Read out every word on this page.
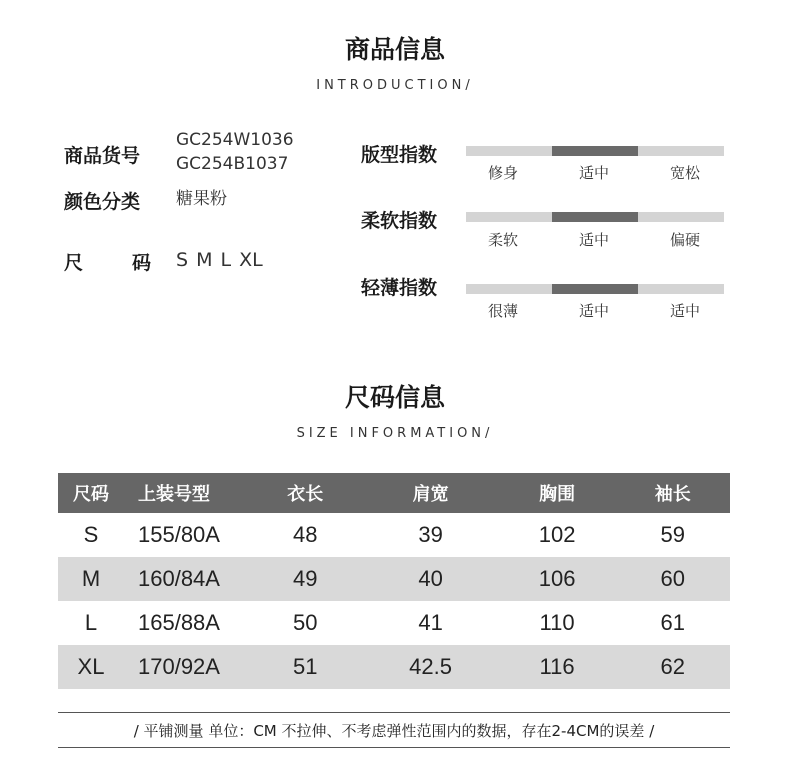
商品信息
INTRODUCTION/
商品货号
GC254W1036
GC254B1037
颜色分类 糖果粉
尺	码 S M L XL
版型指数
修身	适中	宽松
柔软指数
柔软	适中	偏硬
轻薄指数
很薄	适中	适中
尺码信息
SIZE INFORMATION/
尺码	上装号型	衣长	肩宽	胸围	袖长
S	155/80A	48	39	102	59
M	160/84A	49	40	106	60
L	165/88A	50	41	110	61
XL	170/92A	51	42.5	116	62
/ 平铺测量 单位：CM 不拉伸、不考虑弹性范围内的数据，存在2-4CM的误差 /
